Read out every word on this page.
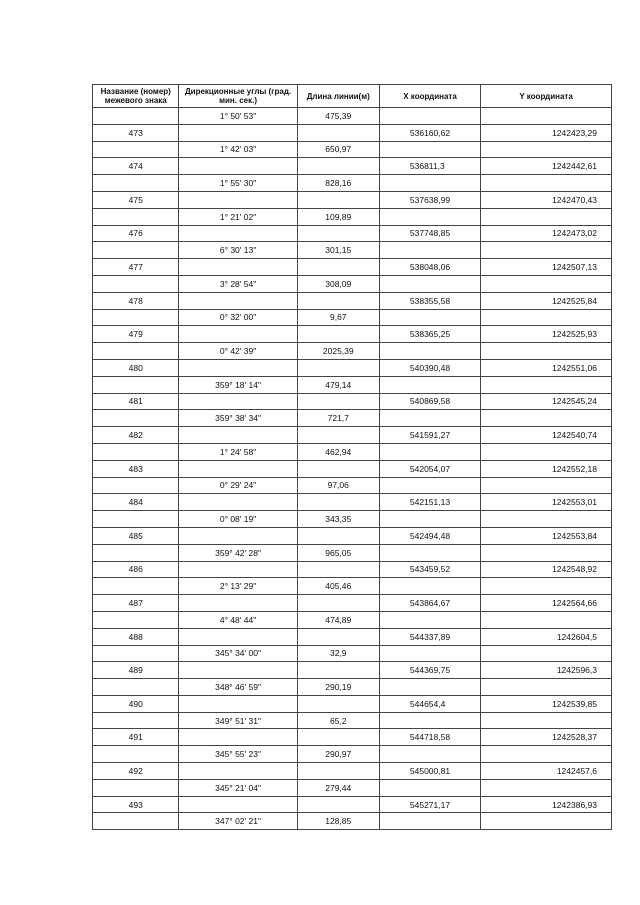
Название (номер) межевого знака	Дирекционные углы (град. мин. сек.)	Длина линии(м)	X координата	Y координата
	1° 50' 53"	475,39		
473			536160,62	1242423,29
	1° 42' 03"	650,97		
474			536811,3	1242442,61
	1° 55' 30"	828,16		
475			537638,99	1242470,43
	1° 21' 02"	109,89		
476			537748,85	1242473,02
	6° 30' 13"	301,15		
477			538048,06	1242507,13
	3° 28' 54"	308,09		
478			538355,58	1242525,84
	0° 32' 00"	9,67		
479			538365,25	1242525,93
	0° 42' 39"	2025,39		
480			540390,48	1242551,06
	359° 18' 14"	479,14		
481			540869,58	1242545,24
	359° 38' 34"	721,7		
482			541591,27	1242540,74
	1° 24' 58"	462,94		
483			542054,07	1242552,18
	0° 29' 24"	97,06		
484			542151,13	1242553,01
	0° 08' 19"	343,35		
485			542494,48	1242553,84
	359° 42' 28"	965,05		
486			543459,52	1242548,92
	2° 13' 29"	405,46		
487			543864,67	1242564,66
	4° 48' 44"	474,89		
488			544337,89	1242604,5
	345° 34' 00"	32,9		
489			544369,75	1242596,3
	348° 46' 59"	290,19		
490			544654,4	1242539,85
	349° 51' 31"	65,2		
491			544718,58	1242528,37
	345° 55' 23"	290,97		
492			545000,81	1242457,6
	345° 21' 04"	279,44		
493			545271,17	1242386,93
	347° 02' 21"	128,85		
